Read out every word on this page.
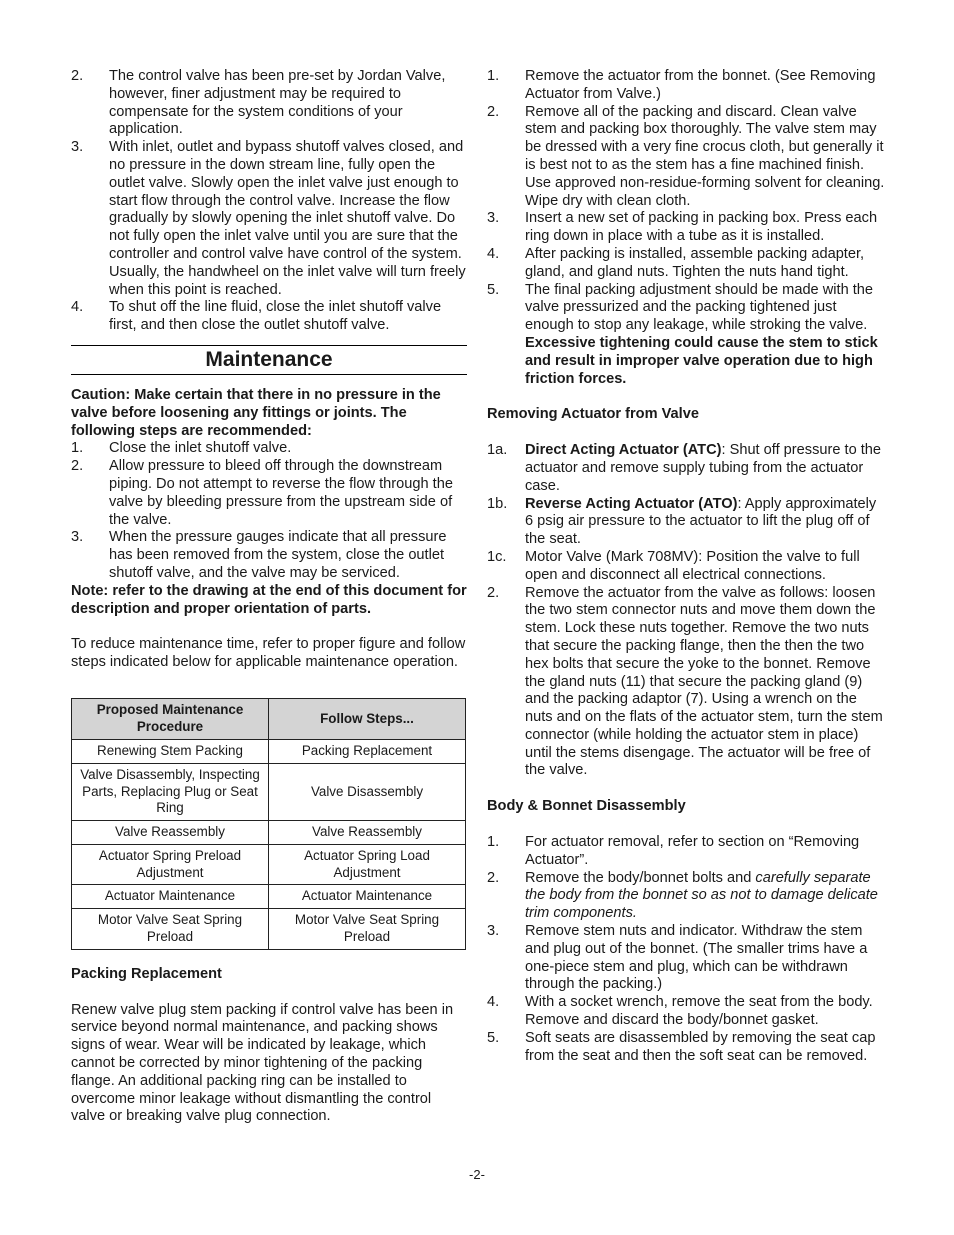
2.	The control valve has been pre-set by Jordan Valve, however, finer adjustment may be required to compensate for the system conditions of your application.
3.	With inlet, outlet and bypass shutoff valves closed, and no pressure in the down stream line, fully open the outlet valve. Slowly open the inlet valve just enough to start flow through the control valve. Increase the flow gradually by slowly opening the inlet shutoff valve. Do not fully open the inlet valve until you are sure that the controller and control valve have control of the system. Usually, the handwheel on the inlet valve will turn freely when this point is reached.
4.	To shut off the line fluid, close the inlet shutoff valve first, and then close the outlet shutoff valve.
Maintenance

Caution: Make certain that there in no pressure in the valve before loosening any fittings or joints. The following steps are recommended:

1.	Close the inlet shutoff valve.
2.	Allow pressure to bleed off through the downstream piping. Do not attempt to reverse the flow through the valve by bleeding pressure from the upstream side of the valve.
3.	When the pressure gauges indicate that all pressure has been removed from the system, close the outlet shutoff valve, and the valve may be serviced.

Note: refer to the drawing at the end of this document for description and proper orientation of parts.

To reduce maintenance time, refer to proper figure and follow steps indicated below for applicable maintenance operation.

Proposed Maintenance Procedure	Follow Steps...
Renewing Stem Packing	Packing Replacement
Valve Disassembly, Inspecting Parts, Replacing Plug or Seat Ring	Valve Disassembly
Valve Reassembly	Valve Reassembly
Actuator Spring Preload Adjustment	Actuator Spring Load Adjustment
Actuator Maintenance	Actuator Maintenance
Motor Valve Seat Spring Preload	Motor Valve Seat Spring Preload

Packing Replacement

Renew valve plug stem packing if control valve has been in service beyond normal maintenance, and packing shows signs of wear. Wear will be indicated by leakage, which cannot be corrected by minor tightening of the packing flange. An additional packing ring can be installed to overcome minor leakage without dismantling the control valve or breaking valve plug connection.

1.	Remove the actuator from the bonnet. (See Removing Actuator from Valve.)
2.	Remove all of the packing and discard. Clean valve stem and packing box thoroughly. The valve stem may be dressed with a very fine crocus cloth, but generally it is best not to as the stem has a fine machined finish. Use approved non-residue-forming solvent for cleaning. Wipe dry with clean cloth.
3.	Insert a new set of packing in packing box. Press each ring down in place with a tube as it is installed.
4.	After packing is installed, assemble packing adapter, gland, and gland nuts. Tighten the nuts hand tight.
5.	The final packing adjustment should be made with the valve pressurized and the packing tightened just enough to stop any leakage, while stroking the valve. Excessive tightening could cause the stem to stick and result in improper valve operation due to high friction forces.

Removing Actuator from Valve

1a.	Direct Acting Actuator (ATC): Shut off pressure to the actuator and remove supply tubing from the actuator case.
1b.	Reverse Acting Actuator (ATO): Apply approximately 6 psig air pressure to the actuator to lift the plug off of the seat.
1c.	Motor Valve (Mark 708MV): Position the valve to full open and disconnect all electrical connections.
2.	Remove the actuator from the valve as follows: loosen the two stem connector nuts and move them down the stem. Lock these nuts together. Remove the two nuts that secure the packing flange, then the then the two hex bolts that secure the yoke to the bonnet. Remove the gland nuts (11) that secure the packing gland (9) and the packing adaptor (7). Using a wrench on the nuts and on the flats of the actuator stem, turn the stem connector (while holding the actuator stem in place) until the stems disengage. The actuator will be free of the valve.

Body & Bonnet Disassembly

1.	For actuator removal, refer to section on “Removing Actuator”.
2.	Remove the body/bonnet bolts and carefully separate the body from the bonnet so as not to damage delicate trim components.
3.	Remove stem nuts and indicator. Withdraw the stem and plug out of the bonnet. (The smaller trims have a one-piece stem and plug, which can be withdrawn through the packing.)
4.	With a socket wrench, remove the seat from the body. Remove and discard the body/bonnet gasket.
5.	Soft seats are disassembled by removing the seat cap from the seat and then the soft seat can be removed.
-2-
